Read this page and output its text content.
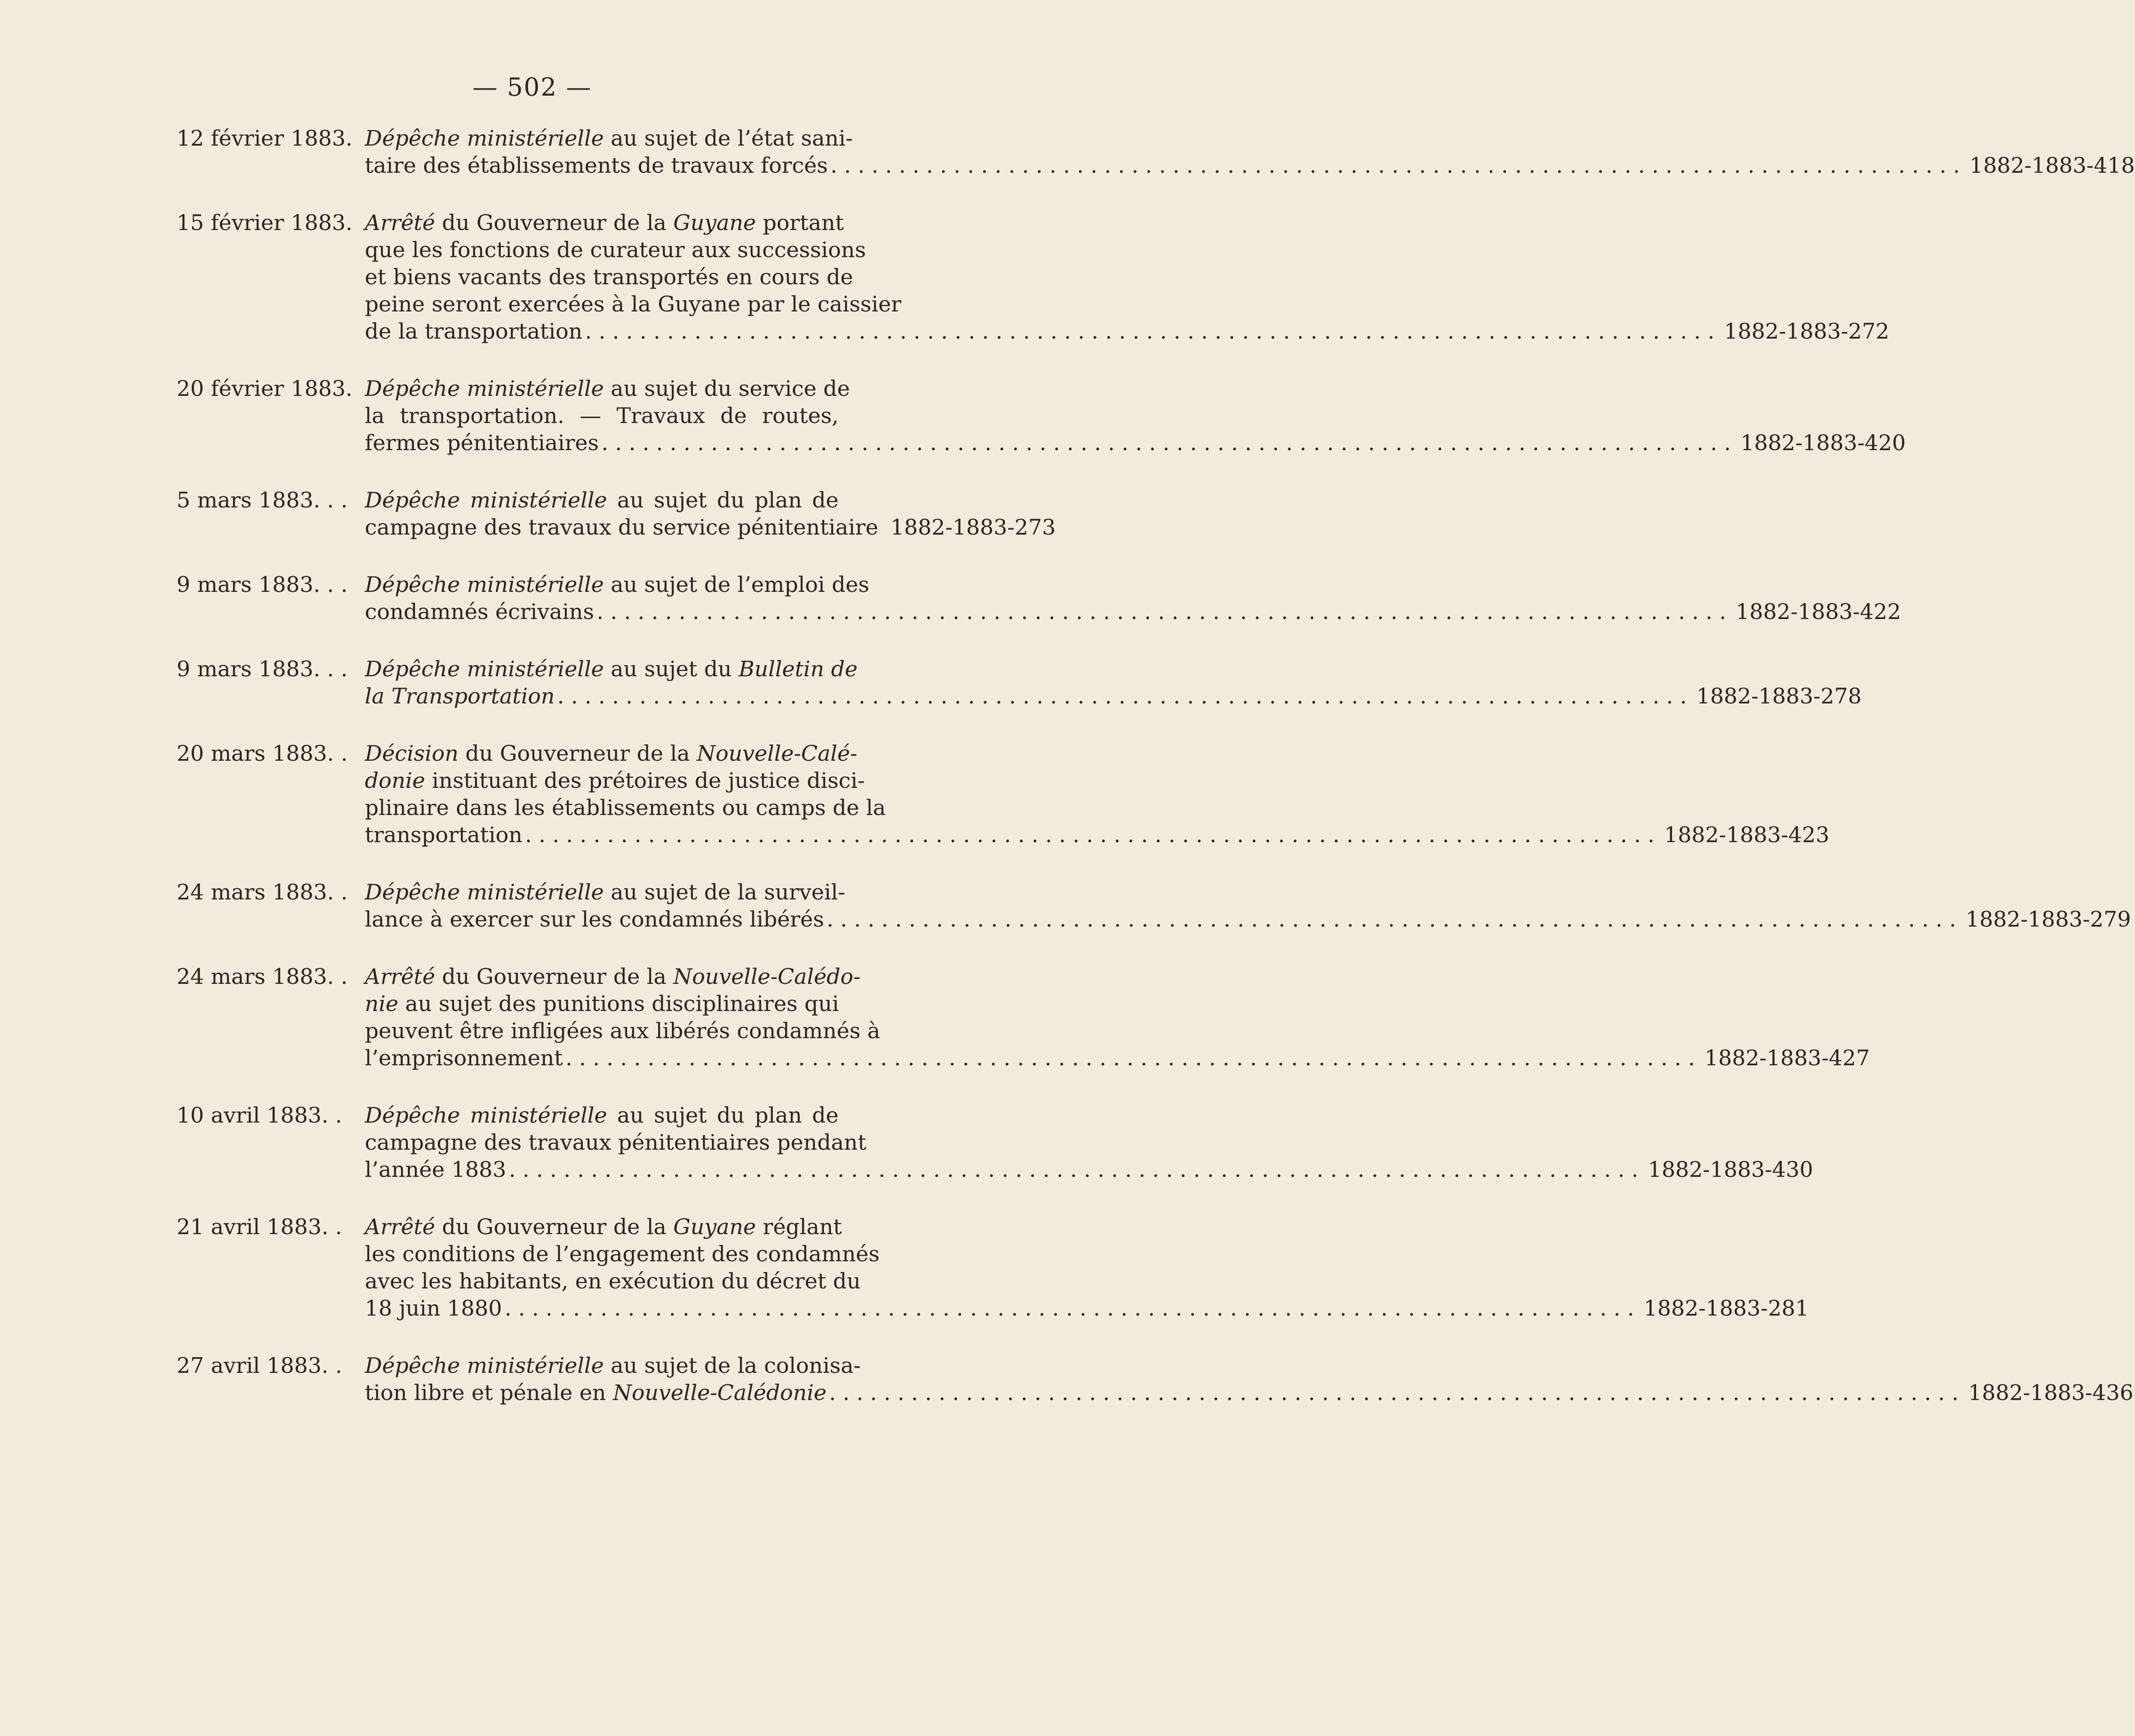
— 502 —
12 février 1883. Dépêche ministérielle au sujet de l’état sani-
taire des établissements de travaux forcés . . .	1882-1883-418
15 février 1883. Arrêté du Gouverneur de la Guyane portant
que les fonctions de curateur aux successions
et biens vacants des transportés en cours de
peine seront exercées à la Guyane par le caissier
de la transportation . . .	1882-1883-272
20 février 1883. Dépêche ministérielle au sujet du service de
la transportation. — Travaux de routes,
fermes pénitentiaires . . .	1882-1883-420
5 mars 1883. . . Dépêche ministérielle au sujet du plan de
campagne des travaux du service pénitentiaire 1882-1883-273
9 mars 1883. . . Dépêche ministérielle au sujet de l’emploi des
condamnés écrivains . . .	1882-1883-422
9 mars 1883. . . Dépêche ministérielle au sujet du Bulletin de
la Transportation . . .	1882-1883-278
20 mars 1883. . Décision du Gouverneur de la Nouvelle-Calé-
donie instituant des prétoires de justice disci-
plinaire dans les établissements ou camps de la
transportation . . .	1882-1883-423
24 mars 1883. . Dépêche ministérielle au sujet de la surveil-
lance à exercer sur les condamnés libérés . . .	1882-1883-279
24 mars 1883. . Arrêté du Gouverneur de la Nouvelle-Calédo-
nie au sujet des punitions disciplinaires qui
peuvent être infligées aux libérés condamnés à
l’emprisonnement . . .	1882-1883-427
10 avril 1883. .	Dépêche ministérielle au sujet du plan de
campagne des travaux pénitentiaires pendant
l’année 1883 . . .	1882-1883-430
21 avril 1883. .	Arrêté du Gouverneur de la Guyane réglant
les conditions de l’engagement des condamnés
avec les habitants, en exécution du décret du
18 juin 1880 . . .	1882-1883-281
27 avril 1883. .	Dépêche ministérielle au sujet de la colonisa-
tion libre et pénale en Nouvelle-Calédonie . . .	1882-1883-436
